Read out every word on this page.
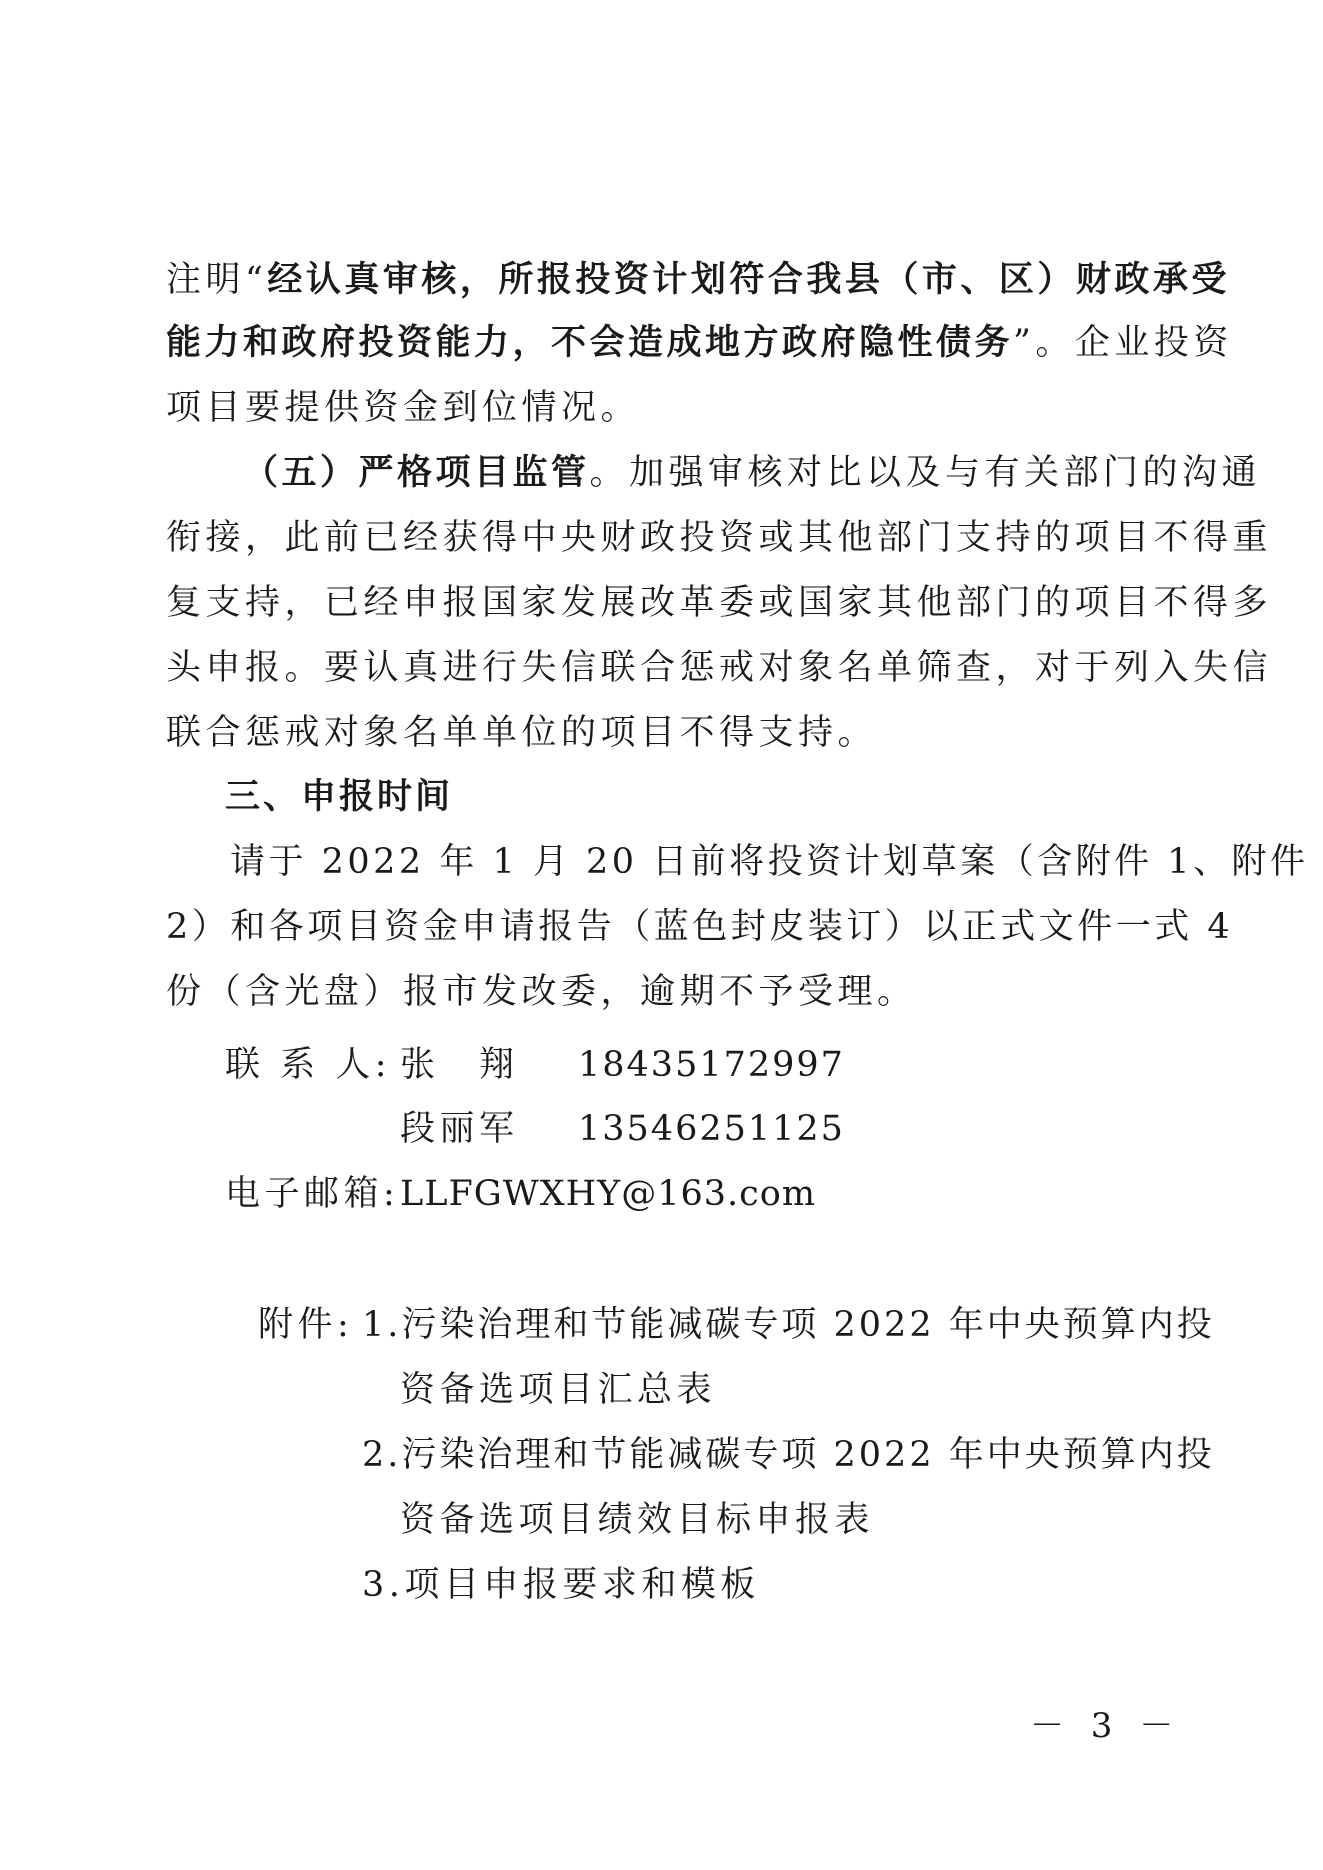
注明“经认真审核，所报投资计划符合我县（市、区）财政承受
能力和政府投资能力，不会造成地方政府隐性债务”。企业投资
项目要提供资金到位情况。
（五）严格项目监管。加强审核对比以及与有关部门的沟通
衔接，此前已经获得中央财政投资或其他部门支持的项目不得重
复支持，已经申报国家发展改革委或国家其他部门的项目不得多
头申报。要认真进行失信联合惩戒对象名单筛查，对于列入失信
联合惩戒对象名单单位的项目不得支持。
三、申报时间
请于 2022 年 1 月 20 日前将投资计划草案（含附件 1、附件
2）和各项目资金申请报告（蓝色封皮装订）以正式文件一式 4
份（含光盘）报市发改委，逾期不予受理。
联 系 人: 张　翔 18435172997
段丽军 13546251125
电子邮箱: LLFGWXHY@163.com
附件: 1.污染治理和节能减碳专项 2022 年中央预算内投
资备选项目汇总表
2.污染治理和节能减碳专项 2022 年中央预算内投
资备选项目绩效目标申报表
3.项目申报要求和模板
－ 3 －
